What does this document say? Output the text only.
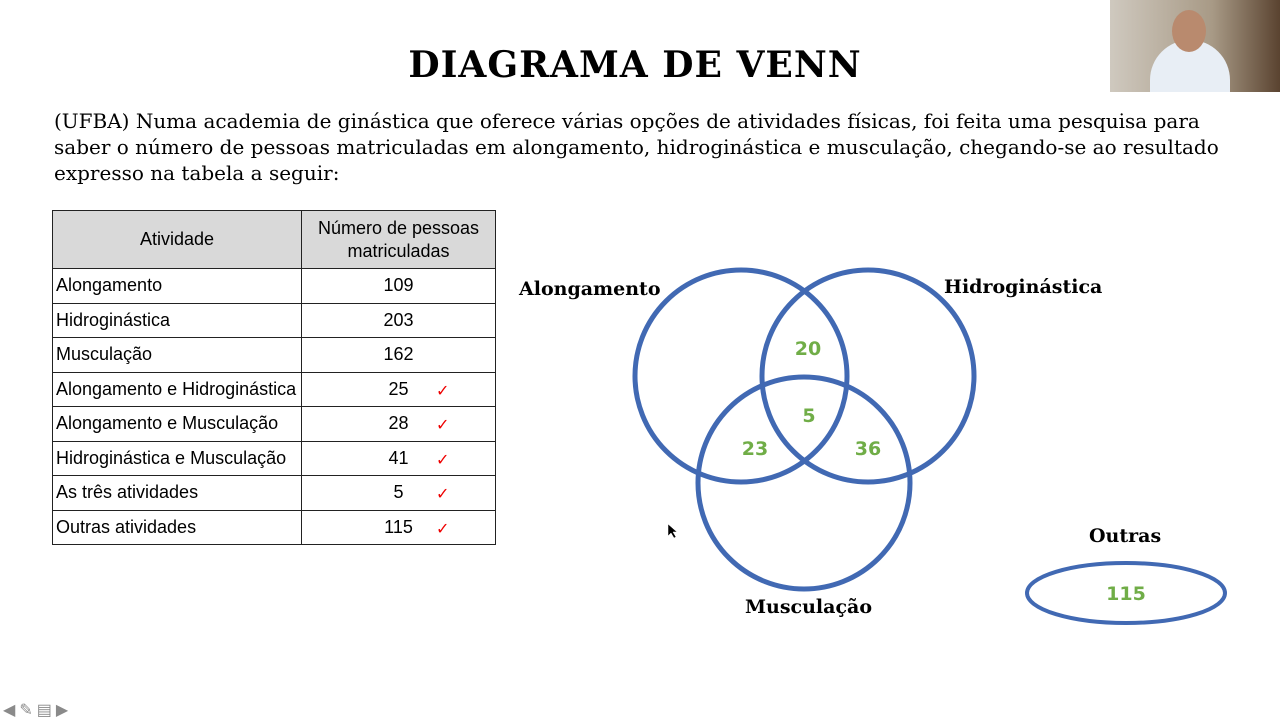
DIAGRAMA DE VENN
(UFBA) Numa academia de ginástica que oferece várias opções de atividades físicas, foi feita uma pesquisa para saber o número de pessoas matriculadas em alongamento, hidroginástica e musculação, chegando-se ao resultado expresso na tabela a seguir:
Atividade	Número de pessoas matriculadas
Alongamento	109
Hidroginástica	203
Musculação	162
Alongamento e Hidroginástica	25 ✓

Alongamento e Musculação	28 ✓

Hidroginástica e Musculação	41 ✓

As três atividades	5 ✓

Outras atividades	115 ✓
Alongamento	Hidroginástica
Musculação
Outras
20
5
23	36
115
◀ ✎ ▤ ▶
